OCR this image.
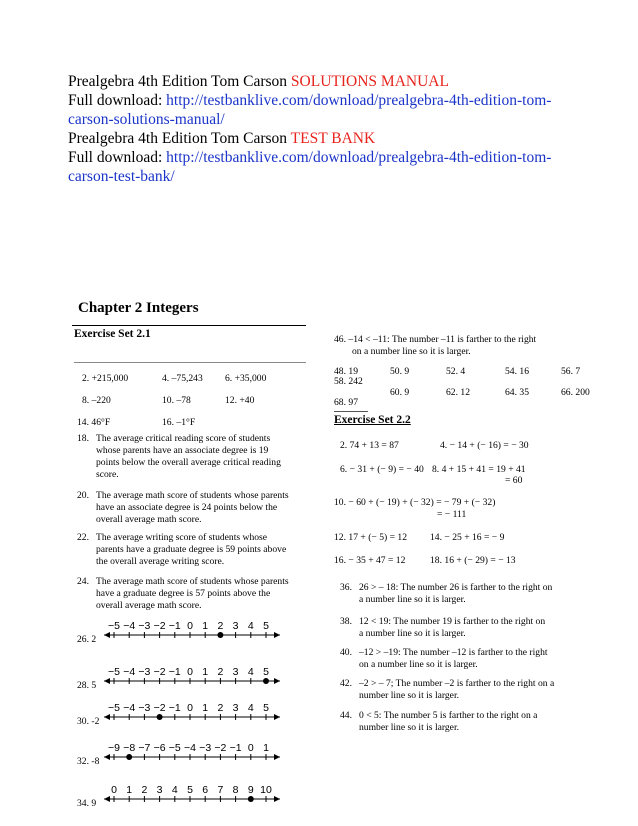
Prealgebra 4th Edition Tom Carson SOLUTIONS MANUAL
Full download: http://testbanklive.com/download/prealgebra-4th-edition-tom-
carson-solutions-manual/
Prealgebra 4th Edition Tom Carson TEST BANK
Full download: http://testbanklive.com/download/prealgebra-4th-edition-tom-
carson-test-bank/
Chapter 2 Integers
Exercise Set 2.1
2. +215,000	4. –75,243 6. +35,000
8. –220	10. –78	12. +40
14. 46°F	16. –1°F
18. The average critical reading score of students
whose parents have an associate degree is 19
points below the overall average critical reading
score.
20. The average math score of students whose parents
have an associate degree is 24 points below the
overall average math score.
22. The average writing score of students whose
parents have a graduate degree is 59 points above
the overall average writing score.
24. The average math score of students whose parents
have a graduate degree is 57 points above the
overall average math score.
26. 2
−5 −4 −3 −2 −1 0 1 2 3 4 5
28. 5
−5 −4 −3 −2 −1 0 1 2 3 4 5
30. -2
−5 −4 −3 −2 −1 0 1 2 3 4 5
32. -8
−9 −8 −7 −6 −5 −4 −3 −2 −1 0 1
34. 9
0 1 2 3 4 5 6 7 8 9 10
46. –14 < –11: The number –11 is farther to the right
on a number line so it is larger.
48. 19
58. 242
50. 9	52. 4	54. 16	56. 7
60. 9	62. 12	64. 35	66. 200
68. 97
Exercise Set 2.2
2. 74 + 13 = 87	4. − 14 + (− 16) = − 30
6. − 31 + (− 9) = − 40 8. 4 + 15 + 41 = 19 + 41
= 60
10. − 60 + (− 19) + (− 32) = − 79 + (− 32)
= − 111
12. 17 + (− 5) = 12 14. − 25 + 16 = − 9
16. − 35 + 47 = 12	18. 16 + (− 29) = − 13
36. 26 > – 18: The number 26 is farther to the right on
a number line so it is larger.
38. 12 < 19: The number 19 is farther to the right on
a number line so it is larger.
40. –12 > –19: The number –12 is farther to the right
on a number line so it is larger.
42. –2 > – 7; The number –2 is farther to the right on a
number line so it is larger.
44. 0 < 5: The number 5 is farther to the right on a
number line so it is larger.
